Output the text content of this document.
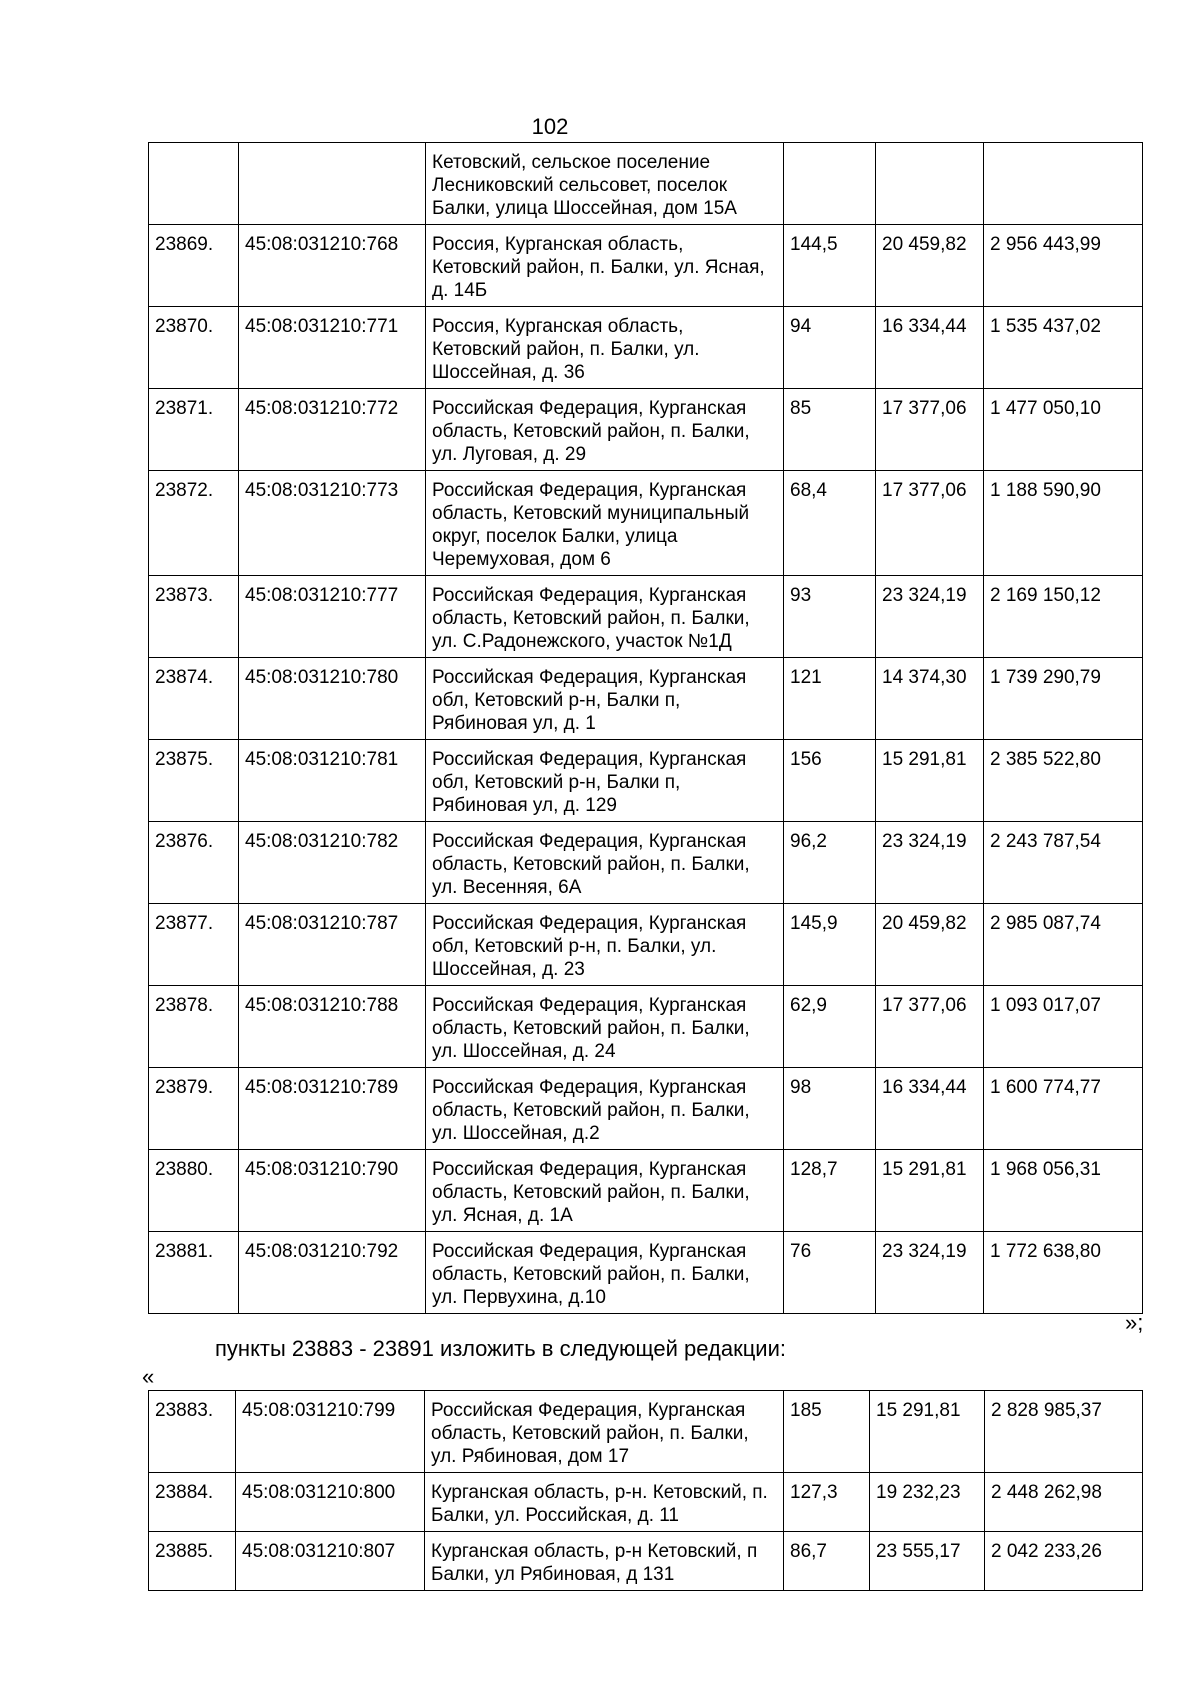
102
		Кетовский, сельское поселение Лесниковский сельсовет, поселок Балки, улица Шоссейная, дом 15А			
23869.	45:08:031210:768	Россия, Курганская область, Кетовский район, п. Балки, ул. Ясная, д. 14Б	144,5	20 459,82	2 956 443,99
23870.	45:08:031210:771	Россия, Курганская область, Кетовский район, п. Балки, ул. Шоссейная, д. 36	94	16 334,44	1 535 437,02
23871.	45:08:031210:772	Российская Федерация, Курганская область, Кетовский район, п. Балки, ул. Луговая, д. 29	85	17 377,06	1 477 050,10
23872.	45:08:031210:773	Российская Федерация, Курганская область, Кетовский муниципальный округ, поселок Балки, улица Черемуховая, дом 6	68,4	17 377,06	1 188 590,90
23873.	45:08:031210:777	Российская Федерация, Курганская область, Кетовский район, п. Балки, ул. С.Радонежского, участок №1Д	93	23 324,19	2 169 150,12
23874.	45:08:031210:780	Российская Федерация, Курганская обл, Кетовский р-н, Балки п, Рябиновая ул, д. 1	121	14 374,30	1 739 290,79
23875.	45:08:031210:781	Российская Федерация, Курганская обл, Кетовский р-н, Балки п, Рябиновая ул, д. 129	156	15 291,81	2 385 522,80
23876.	45:08:031210:782	Российская Федерация, Курганская область, Кетовский район, п. Балки, ул. Весенняя, 6А	96,2	23 324,19	2 243 787,54
23877.	45:08:031210:787	Российская Федерация, Курганская обл, Кетовский р-н, п. Балки, ул. Шоссейная, д. 23	145,9	20 459,82	2 985 087,74
23878.	45:08:031210:788	Российская Федерация, Курганская область, Кетовский район, п. Балки, ул. Шоссейная, д. 24	62,9	17 377,06	1 093 017,07
23879.	45:08:031210:789	Российская Федерация, Курганская область, Кетовский район, п. Балки, ул. Шоссейная, д.2	98	16 334,44	1 600 774,77
23880.	45:08:031210:790	Российская Федерация, Курганская область, Кетовский район, п. Балки, ул. Ясная, д. 1А	128,7	15 291,81	1 968 056,31
23881.	45:08:031210:792	Российская Федерация, Курганская область, Кетовский район, п. Балки, ул. Первухина, д.10	76	23 324,19	1 772 638,80
»;
пункты 23883 - 23891 изложить в следующей редакции:
«
23883.	45:08:031210:799	Российская Федерация, Курганская область, Кетовский район, п. Балки, ул. Рябиновая, дом 17	185	15 291,81	2 828 985,37
23884.	45:08:031210:800	Курганская область, р-н. Кетовский, п. Балки, ул. Российская, д. 11	127,3	19 232,23	2 448 262,98
23885.	45:08:031210:807	Курганская область, р-н Кетовский, п Балки, ул Рябиновая, д 131	86,7	23 555,17	2 042 233,26
